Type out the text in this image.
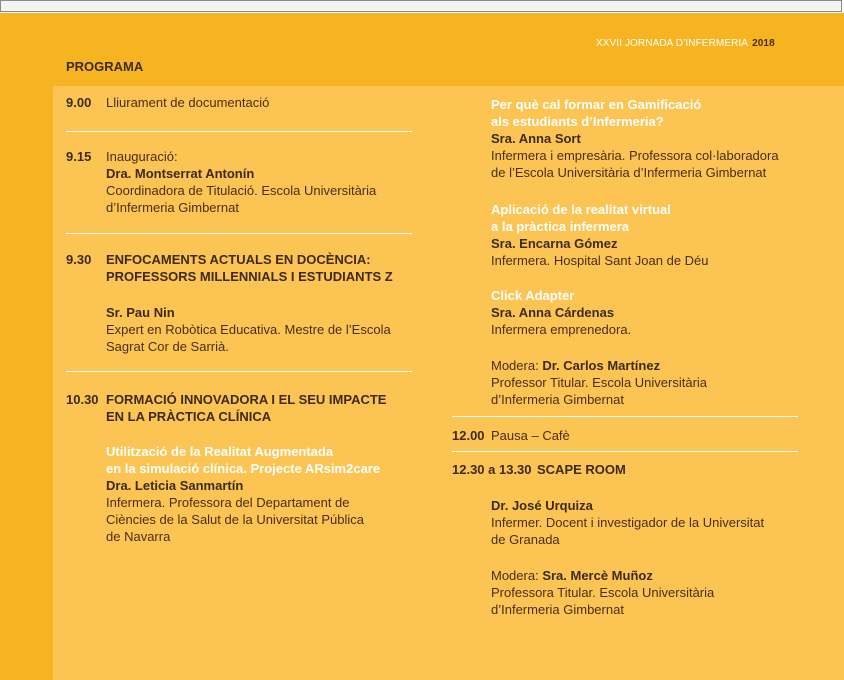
XXVII JORNADA D’INFERMERIA 2018
PROGRAMA
9.00 Lliurament de documentació
9.15 Inauguració:
Dra. Montserrat Antonín
Coordinadora de Titulació. Escola Universitària
d’Infermeria Gimbernat
9.30 ENFOCAMENTS ACTUALS EN DOCÈNCIA:
PROFESSORS MILLENNIALS I ESTUDIANTS Z
Sr. Pau Nin
Expert en Robòtica Educativa. Mestre de l’Escola
Sagrat Cor de Sarrià.
10.30 FORMACIÓ INNOVADORA I EL SEU IMPACTE
EN LA PRÀCTICA CLÍNICA
Utilització de la Realitat Augmentada
en la simulació clínica. Projecte ARsim2care
Dra. Leticia Sanmartín
Infermera. Professora del Departament de
Ciències de la Salut de la Universitat Pública
de Navarra
Per què cal formar en Gamificació
als estudiants d’Infermeria?
Sra. Anna Sort
Infermera i empresària. Professora col·laboradora
de l’Escola Universitària d’Infermeria Gimbernat
Aplicació de la realitat virtual
a la pràctica infermera
Sra. Encarna Gómez
Infermera. Hospital Sant Joan de Déu
Click Adapter
Sra. Anna Cárdenas
Infermera emprenedora.
Modera: Dr. Carlos Martínez
Professor Titular. Escola Universitària
d’Infermeria Gimbernat
12.00 Pausa – Cafè
12.30 a 13.30 SCAPE ROOM
Dr. José Urquiza
Infermer. Docent i investigador de la Universitat
de Granada
Modera: Sra. Mercè Muñoz
Professora Titular. Escola Universitària
d’Infermeria Gimbernat
